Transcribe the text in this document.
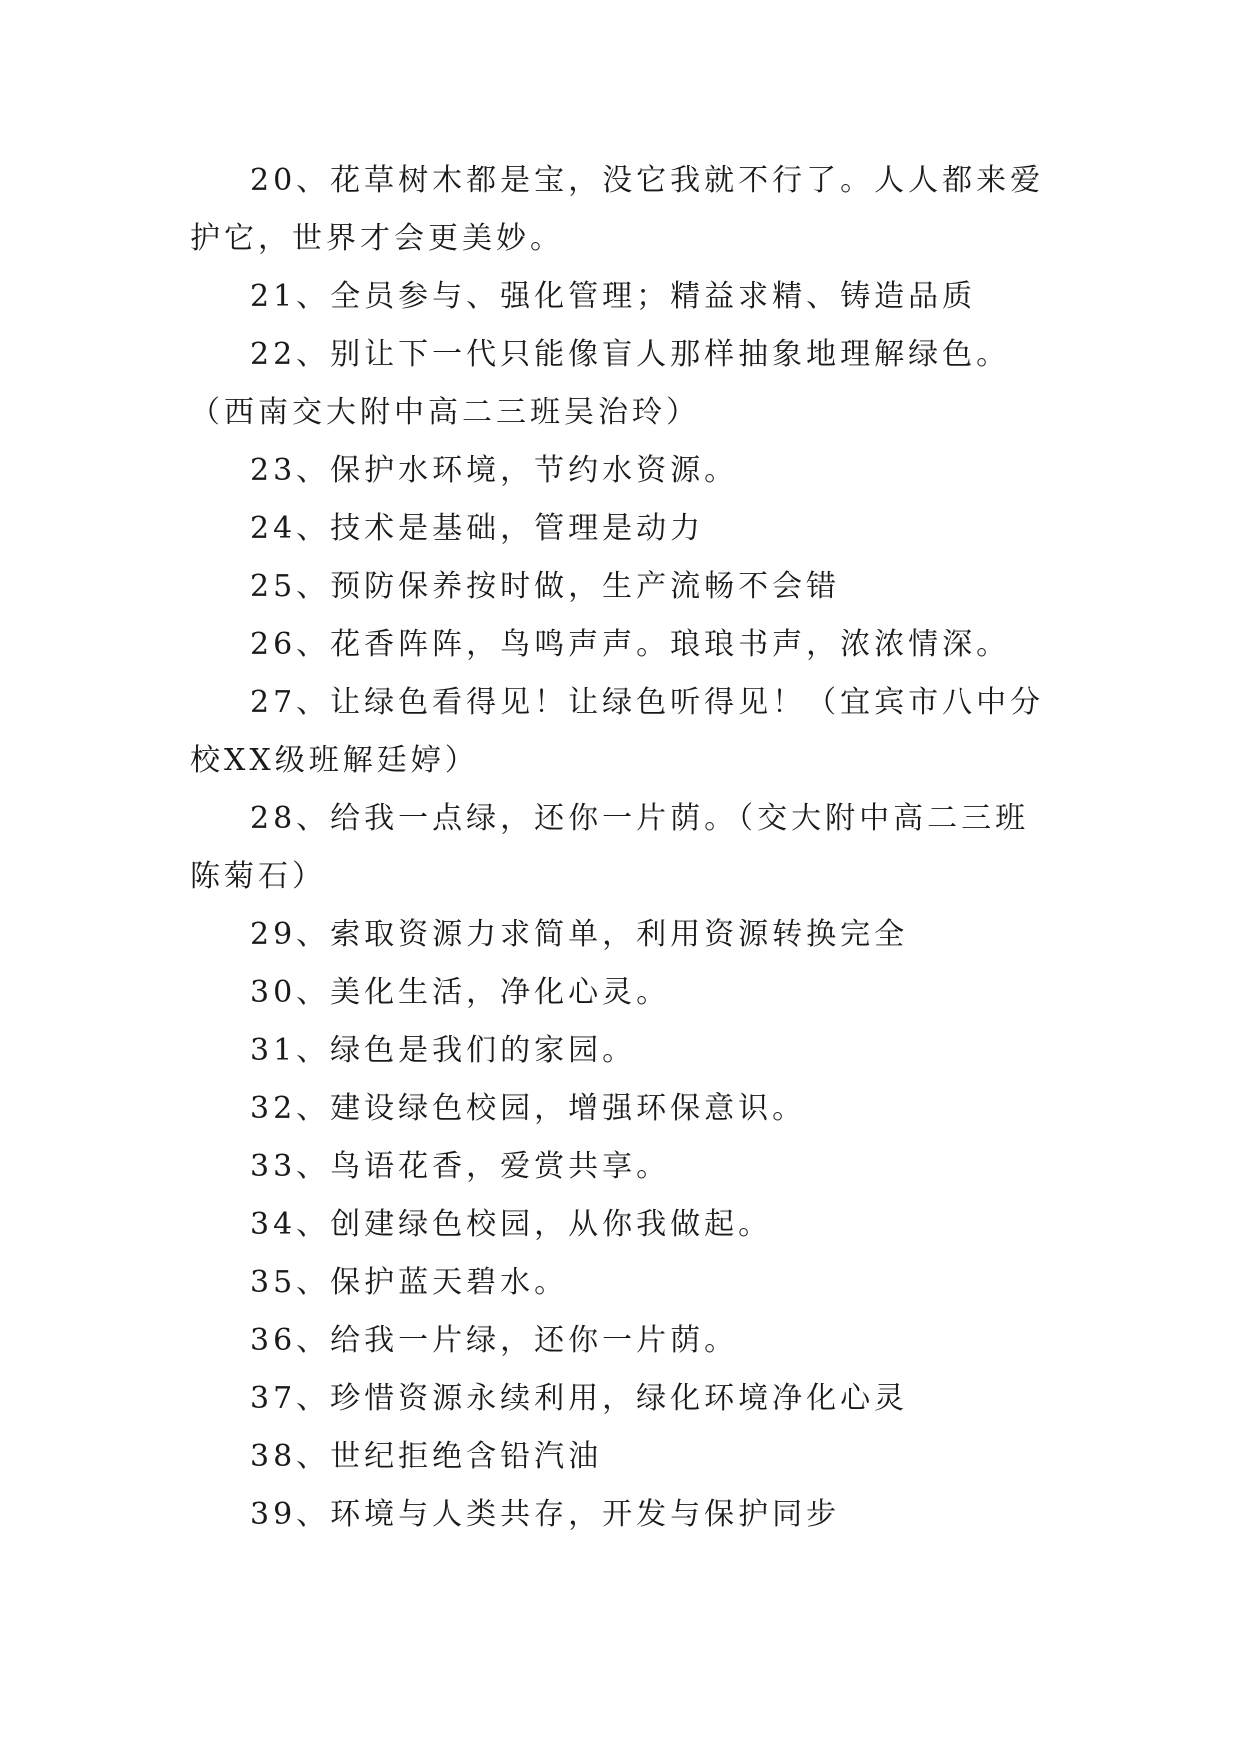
20、花草树木都是宝，没它我就不行了。人人都来爱护它，世界才会更美妙。

21、全员参与、强化管理；精益求精、铸造品质

22、别让下一代只能像盲人那样抽象地理解绿色。（西南交大附中高二三班吴治玲）

23、保护水环境，节约水资源。

24、技术是基础，管理是动力

25、预防保养按时做，生产流畅不会错

26、花香阵阵，鸟鸣声声。琅琅书声，浓浓情深。

27、让绿色看得见！让绿色听得见！（宜宾市八中分校XX级班解廷婷）

28、给我一点绿，还你一片荫。（交大附中高二三班陈菊石）

29、索取资源力求简单，利用资源转换完全

30、美化生活，净化心灵。

31、绿色是我们的家园。

32、建设绿色校园，增强环保意识。

33、鸟语花香，爱赏共享。

34、创建绿色校园，从你我做起。

35、保护蓝天碧水。

36、给我一片绿，还你一片荫。

37、珍惜资源永续利用，绿化环境净化心灵

38、世纪拒绝含铅汽油

39、环境与人类共存，开发与保护同步
